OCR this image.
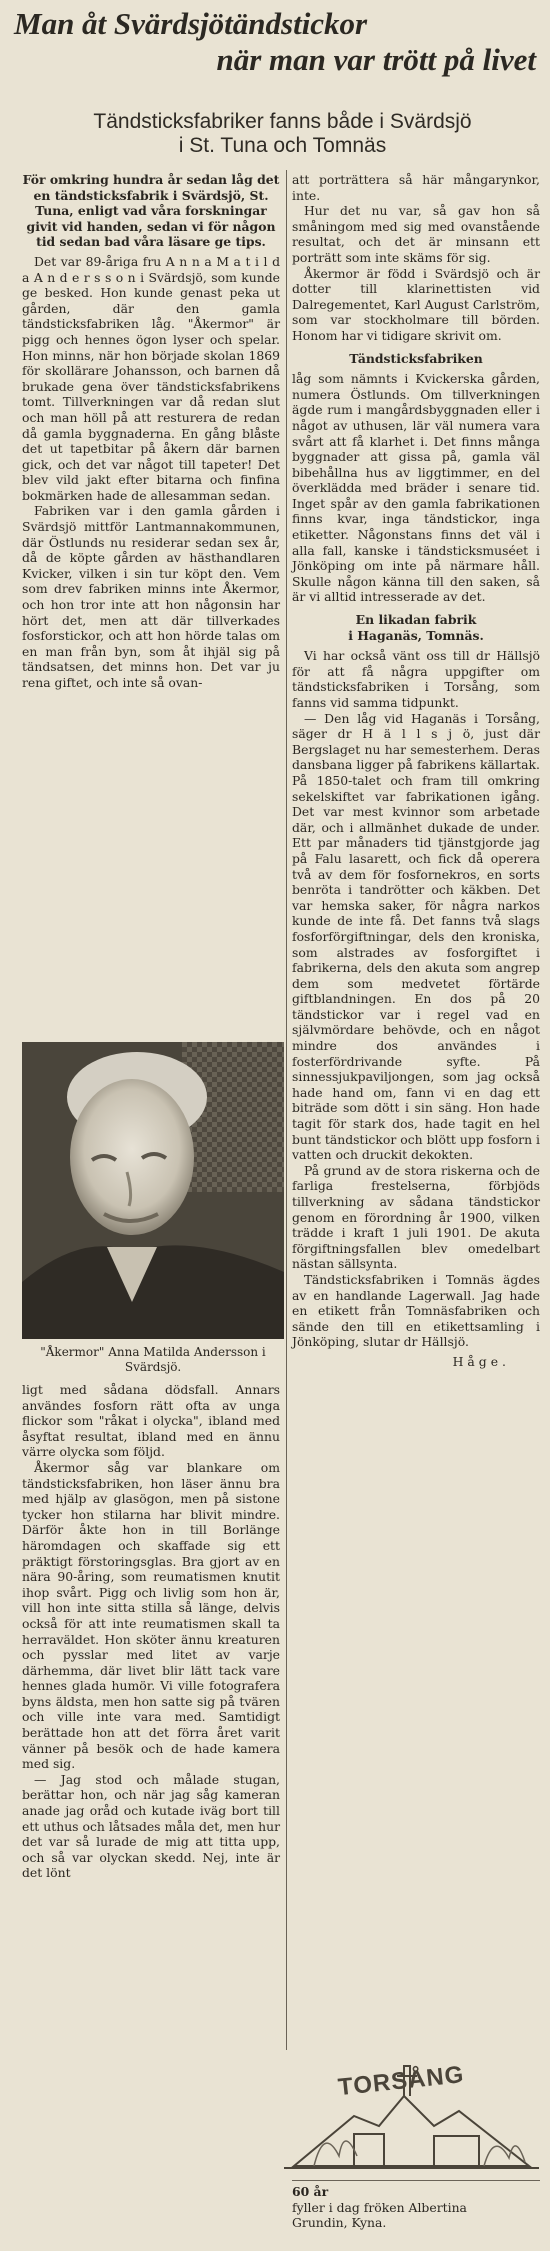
Man åt Svärdsjötändstickor
när man var trött på livet
Tändsticksfabriker fanns både i Svärdsjö
i St. Tuna och Tomnäs

För omkring hundra år sedan låg det en tändsticksfabrik i Svärdsjö, St. Tuna, enligt vad våra forskningar givit vid handen, sedan vi för någon tid sedan bad våra läsare ge tips.

Det var 89-åriga fru A n n a M a t i l d a A n d e r s s o n i Svärdsjö, som kunde ge besked. Hon kunde genast peka ut gården, där den gamla tändsticksfabriken låg. "Åkermor" är pigg och hennes ögon lyser och spelar. Hon minns, när hon började skolan 1869 för skollärare Johansson, och barnen då brukade gena över tändsticksfabrikens tomt. Tillverkningen var då redan slut och man höll på att resturera de redan då gamla byggnaderna. En gång blåste det ut tapetbitar på åkern där barnen gick, och det var något till tapeter! Det blev vild jakt efter bitarna och finfina bokmärken hade de allesamman sedan.

Fabriken var i den gamla gården i Svärdsjö mittför Lantmannakommunen, där Östlunds nu residerar sedan sex år, då de köpte gården av hästhandlaren Kvicker, vilken i sin tur köpt den. Vem som drev fabriken minns inte Åkermor, och hon tror inte att hon någonsin har hört det, men att där tillverkades fosforstickor, och att hon hörde talas om en man från byn, som åt ihjäl sig på tändsatsen, det minns hon. Det var ju rena giftet, och inte så ovan-

"Åkermor" Anna Matilda Andersson i Svärdsjö.

ligt med sådana dödsfall. Annars användes fosforn rätt ofta av unga flickor som "råkat i olycka", ibland med åsyftat resultat, ibland med en ännu värre olycka som följd.

Åkermor såg var blankare om tändsticksfabriken, hon läser ännu bra med hjälp av glasögon, men på sistone tycker hon stilarna har blivit mindre. Därför åkte hon in till Borlänge häromdagen och skaffade sig ett präktigt förstoringsglas. Bra gjort av en nära 90-åring, som reumatismen knutit ihop svårt. Pigg och livlig som hon är, vill hon inte sitta stilla så länge, delvis också för att inte reumatismen skall ta herraväldet. Hon sköter ännu kreaturen och pysslar med litet av varje därhemma, där livet blir lätt tack vare hennes glada humör. Vi ville fotografera byns äldsta, men hon satte sig på tvären och ville inte vara med. Samtidigt berättade hon att det förra året varit vänner på besök och de hade kamera med sig.

— Jag stod och målade stugan, berättar hon, och när jag såg kameran anade jag oråd och kutade iväg bort till ett uthus och låtsades måla det, men hur det var så lurade de mig att titta upp, och så var olyckan skedd. Nej, inte är det lönt

att porträttera så här mångarynkor, inte.

Hur det nu var, så gav hon så småningom med sig med ovanstående resultat, och det är minsann ett porträtt som inte skäms för sig.

Åkermor är född i Svärdsjö och är dotter till klarinettisten vid Dalregementet, Karl August Carlström, som var stockholmare till börden. Honom har vi tidigare skrivit om.

Tändsticksfabriken

låg som nämnts i Kvickerska gården, numera Östlunds. Om tillverkningen ägde rum i mangårdsbyggnaden eller i något av uthusen, lär väl numera vara svårt att få klarhet i. Det finns många byggnader att gissa på, gamla väl bibehållna hus av liggtimmer, en del överklädda med bräder i senare tid. Inget spår av den gamla fabrikationen finns kvar, inga tändstickor, inga etiketter. Någonstans finns det väl i alla fall, kanske i tändsticksmuséet i Jönköping om inte på närmare håll. Skulle någon känna till den saken, så är vi alltid intresserade av det.

En likadan fabrik
i Haganäs, Tomnäs.

Vi har också vänt oss till dr Hällsjö för att få några uppgifter om tändsticksfabriken i Torsång, som fanns vid samma tidpunkt.

— Den låg vid Haganäs i Torsång, säger dr H ä l l s j ö, just där Bergslaget nu har semesterhem. Deras dansbana ligger på fabrikens källartak. På 1850-talet och fram till omkring sekelskiftet var fabrikationen igång. Det var mest kvinnor som arbetade där, och i allmänhet dukade de under. Ett par månaders tid tjänstgjorde jag på Falu lasarett, och fick då operera två av dem för fosfornekros, en sorts benröta i tandrötter och käkben. Det var hemska saker, för några narkos kunde de inte få. Det fanns två slags fosforförgiftningar, dels den kroniska, som alstrades av fosforgiftet i fabrikerna, dels den akuta som angrep dem som medvetet förtärde giftblandningen. En dos på 20 tändstickor var i regel vad en självmördare behövde, och en något mindre dos användes i fosterfördrivande syfte. På sinnessjukpaviljongen, som jag också hade hand om, fann vi en dag ett biträde som dött i sin säng. Hon hade tagit för stark dos, hade tagit en hel bunt tändstickor och blött upp fosforn i vatten och druckit dekokten.

På grund av de stora riskerna och de farliga frestelserna, förbjöds tillverkning av sådana tändstickor genom en förordning år 1900, vilken trädde i kraft 1 juli 1901. De akuta förgiftningsfallen blev omedelbart nästan sällsynta.

Tändsticksfabriken i Tomnäs ägdes av en handlande Lagerwall. Jag hade en etikett från Tomnäsfabriken och sände den till en etikettsamling i Jönköping, slutar dr Hällsjö.

Håge.
TORSÅNG
60 år
fyller i dag fröken Albertina
Grundin, Kyna.
